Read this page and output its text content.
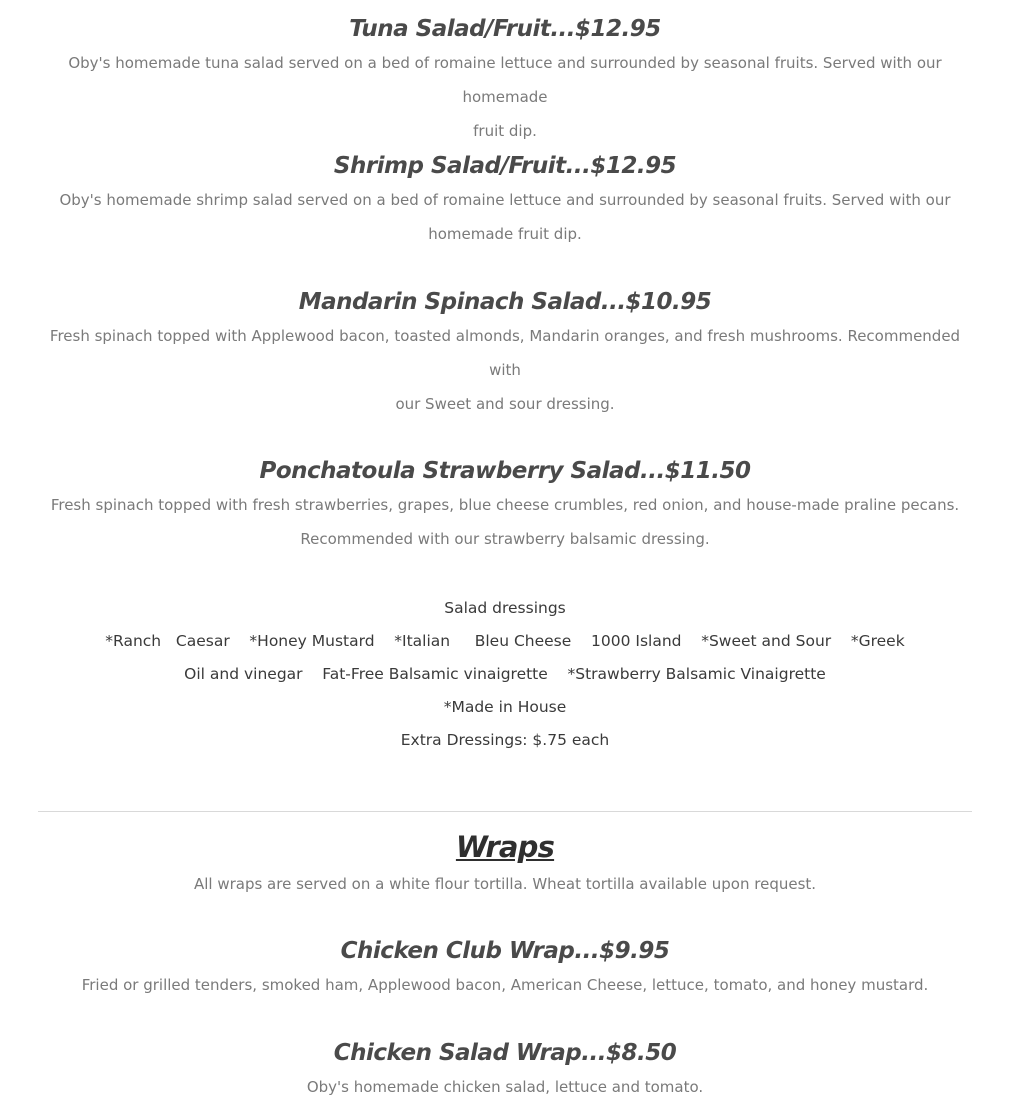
Tuna Salad/Fruit...$12.95

Oby's homemade tuna salad served on a bed of romaine lettuce and surrounded by seasonal fruits. Served with our homemade
fruit dip.

Shrimp Salad/Fruit...$12.95

Oby's homemade shrimp salad served on a bed of romaine lettuce and surrounded by seasonal fruits. Served with our
homemade fruit dip.

Mandarin Spinach Salad...$10.95

Fresh spinach topped with Applewood bacon, toasted almonds, Mandarin oranges, and fresh mushrooms. Recommended with
our Sweet and sour dressing.

Ponchatoula Strawberry Salad...$11.50

Fresh spinach topped with fresh strawberries, grapes, blue cheese crumbles, red onion, and house-made praline pecans.
Recommended with our strawberry balsamic dressing.

Salad dressings
*Ranch   Caesar    *Honey Mustard    *Italian     Bleu Cheese    1000 Island    *Sweet and Sour    *Greek
Oil and vinegar    Fat-Free Balsamic vinaigrette    *Strawberry Balsamic Vinaigrette
*Made in House
Extra Dressings: $.75 each
Wraps

All wraps are served on a white flour tortilla. Wheat tortilla available upon request.

Chicken Club Wrap...$9.95

Fried or grilled tenders, smoked ham, Applewood bacon, American Cheese, lettuce, tomato, and honey mustard.

Chicken Salad Wrap...$8.50

Oby's homemade chicken salad, lettuce and tomato.
